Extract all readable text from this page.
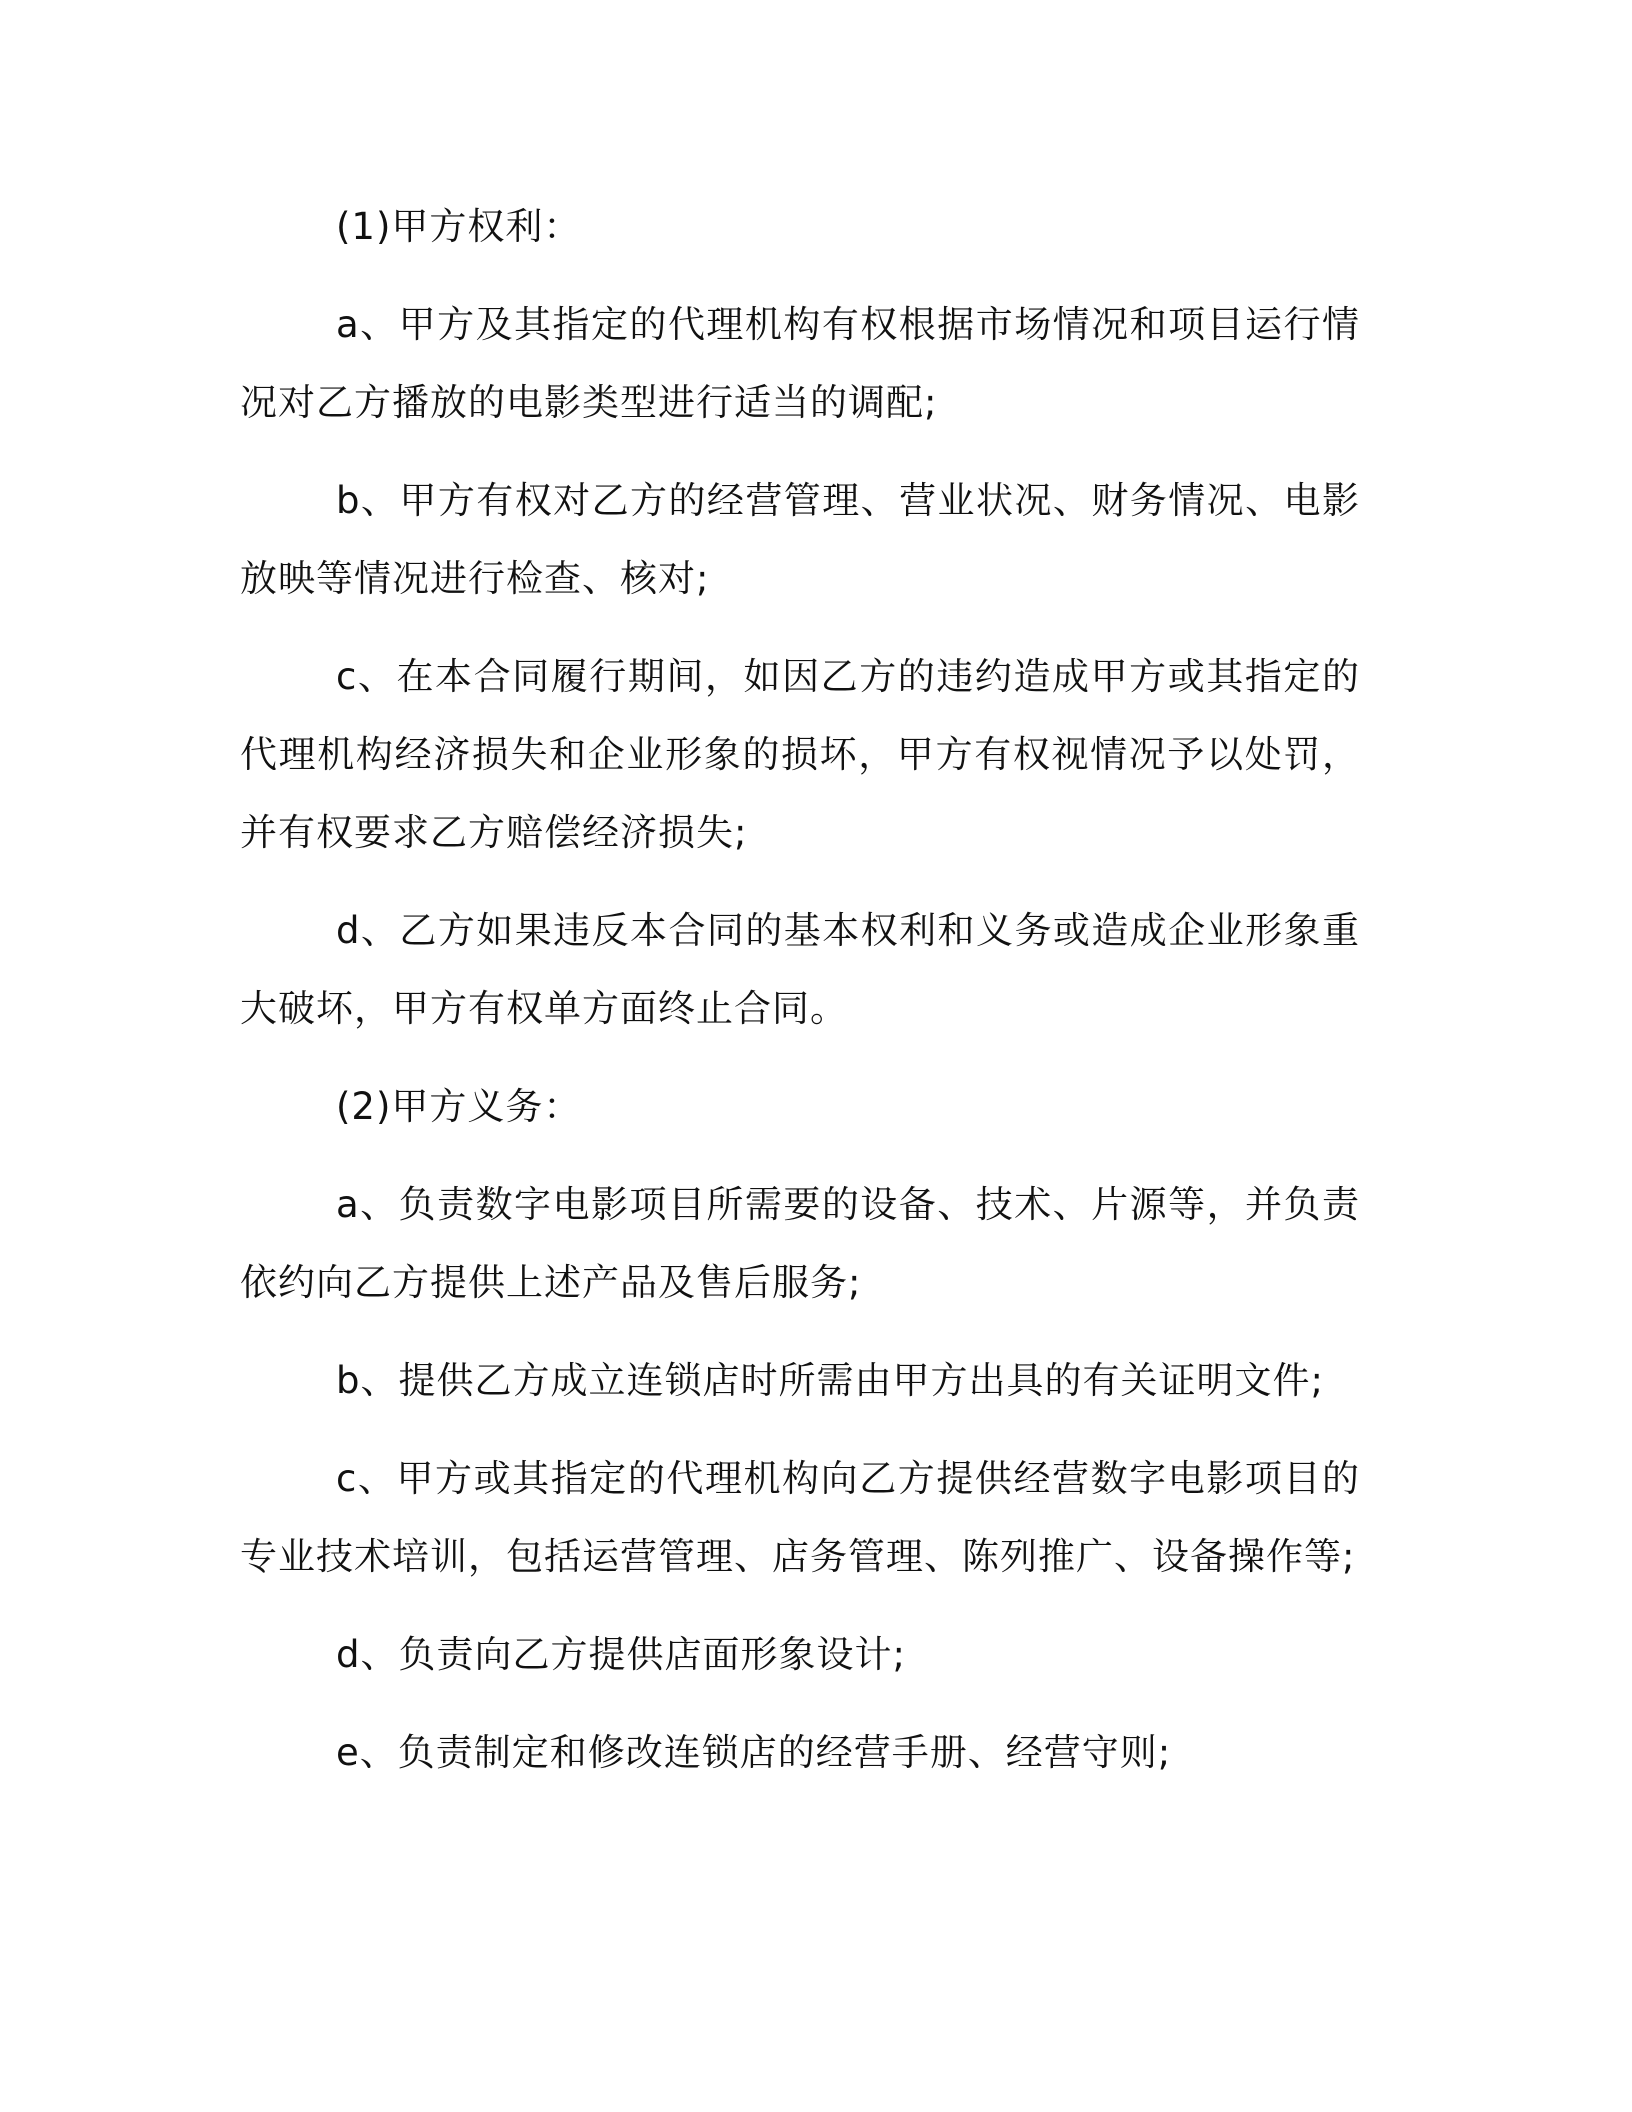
(1)甲方权利：

a、甲方及其指定的代理机构有权根据市场情况和项目运行情况对乙方播放的电影类型进行适当的调配;

b、甲方有权对乙方的经营管理、营业状况、财务情况、电影放映等情况进行检查、核对;

c、在本合同履行期间，如因乙方的违约造成甲方或其指定的代理机构经济损失和企业形象的损坏，甲方有权视情况予以处罚，并有权要求乙方赔偿经济损失;

d、乙方如果违反本合同的基本权利和义务或造成企业形象重大破坏，甲方有权单方面终止合同。

(2)甲方义务：

a、负责数字电影项目所需要的设备、技术、片源等，并负责依约向乙方提供上述产品及售后服务;

b、提供乙方成立连锁店时所需由甲方出具的有关证明文件;

c、甲方或其指定的代理机构向乙方提供经营数字电影项目的专业技术培训，包括运营管理、店务管理、陈列推广、设备操作等;

d、负责向乙方提供店面形象设计;

e、负责制定和修改连锁店的经营手册、经营守则;
